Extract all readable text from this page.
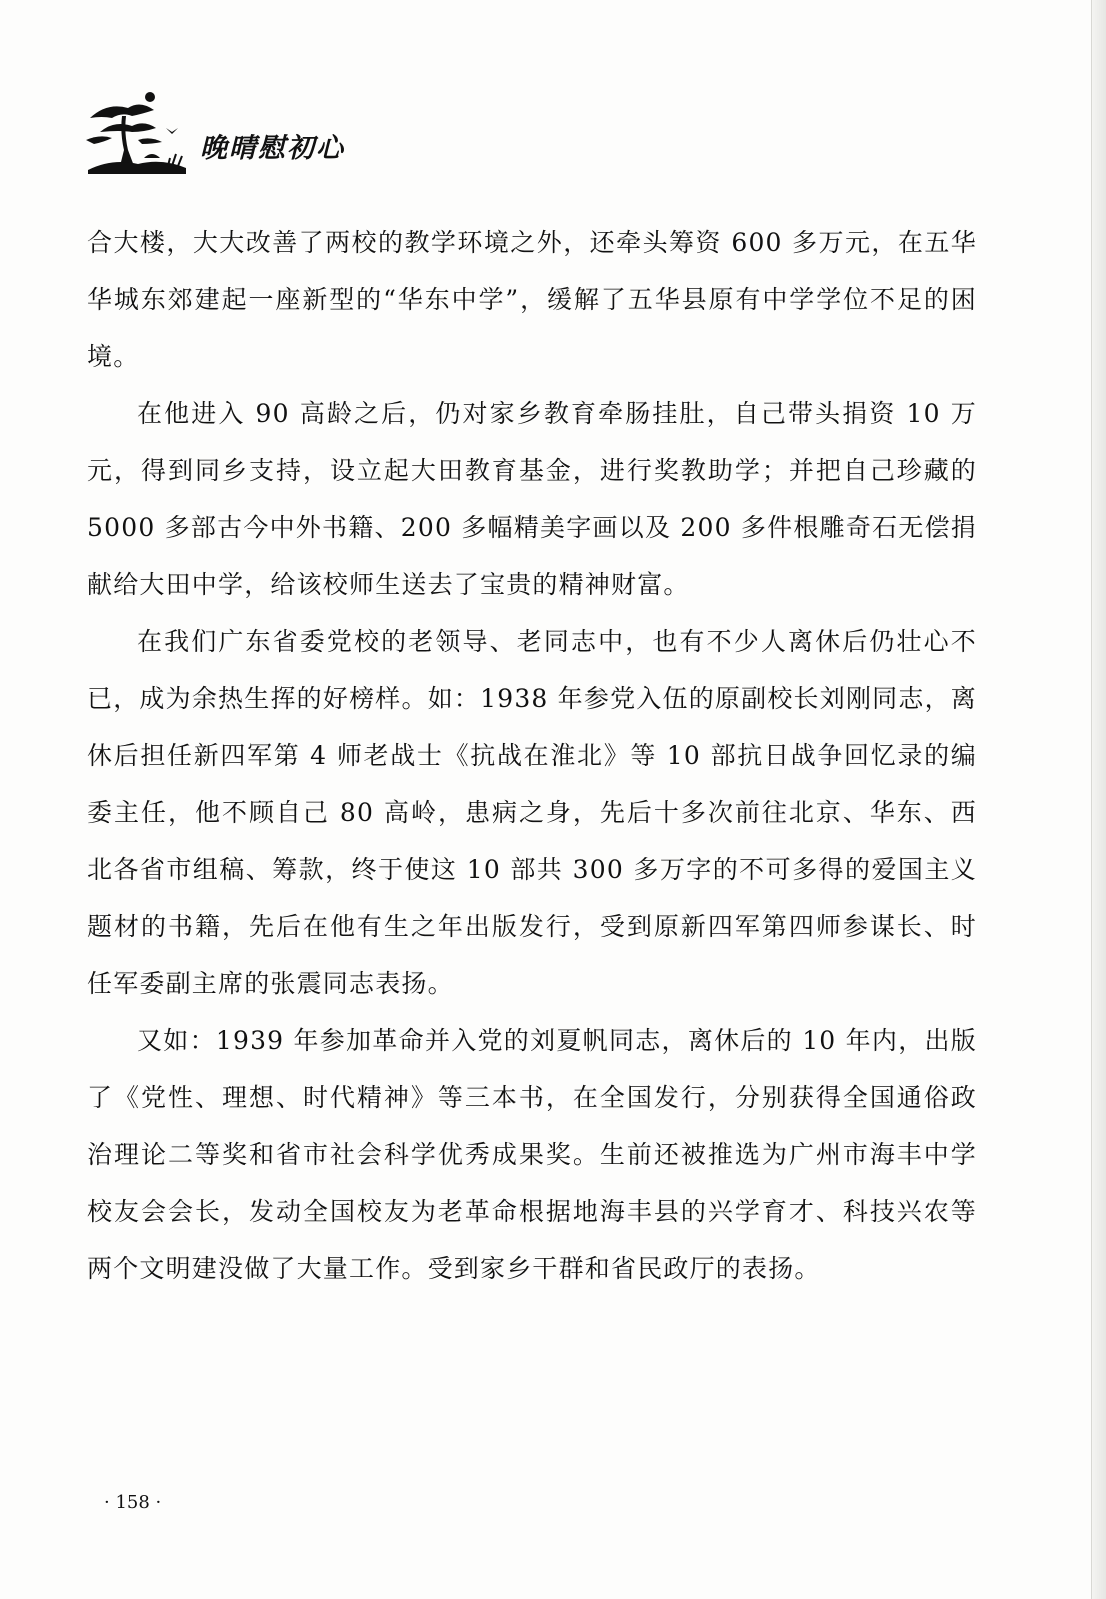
晚晴慰初心

合大楼，大大改善了两校的教学环境之外，还牵头筹资 600 多万元，在五华华城东郊建起一座新型的“华东中学”，缓解了五华县原有中学学位不足的困境。

在他进入 90 高龄之后，仍对家乡教育牵肠挂肚，自己带头捐资 10 万元，得到同乡支持，设立起大田教育基金，进行奖教助学；并把自己珍藏的 5000 多部古今中外书籍、200 多幅精美字画以及 200 多件根雕奇石无偿捐献给大田中学，给该校师生送去了宝贵的精神财富。

在我们广东省委党校的老领导、老同志中，也有不少人离休后仍壮心不已，成为余热生挥的好榜样。如：1938 年参党入伍的原副校长刘刚同志，离休后担任新四军第 4 师老战士《抗战在淮北》等 10 部抗日战争回忆录的编委主任，他不顾自己 80 高岭，患病之身，先后十多次前往北京、华东、西北各省市组稿、筹款，终于使这 10 部共 300 多万字的不可多得的爱国主义题材的书籍，先后在他有生之年出版发行，受到原新四军第四师参谋长、时任军委副主席的张震同志表扬。

又如：1939 年参加革命并入党的刘夏帆同志，离休后的 10 年内，出版了《党性、理想、时代精神》等三本书，在全国发行，分别获得全国通俗政治理论二等奖和省市社会科学优秀成果奖。生前还被推选为广州市海丰中学校友会会长，发动全国校友为老革命根据地海丰县的兴学育才、科技兴农等两个文明建没做了大量工作。受到家乡干群和省民政厅的表扬。

· 158 ·
